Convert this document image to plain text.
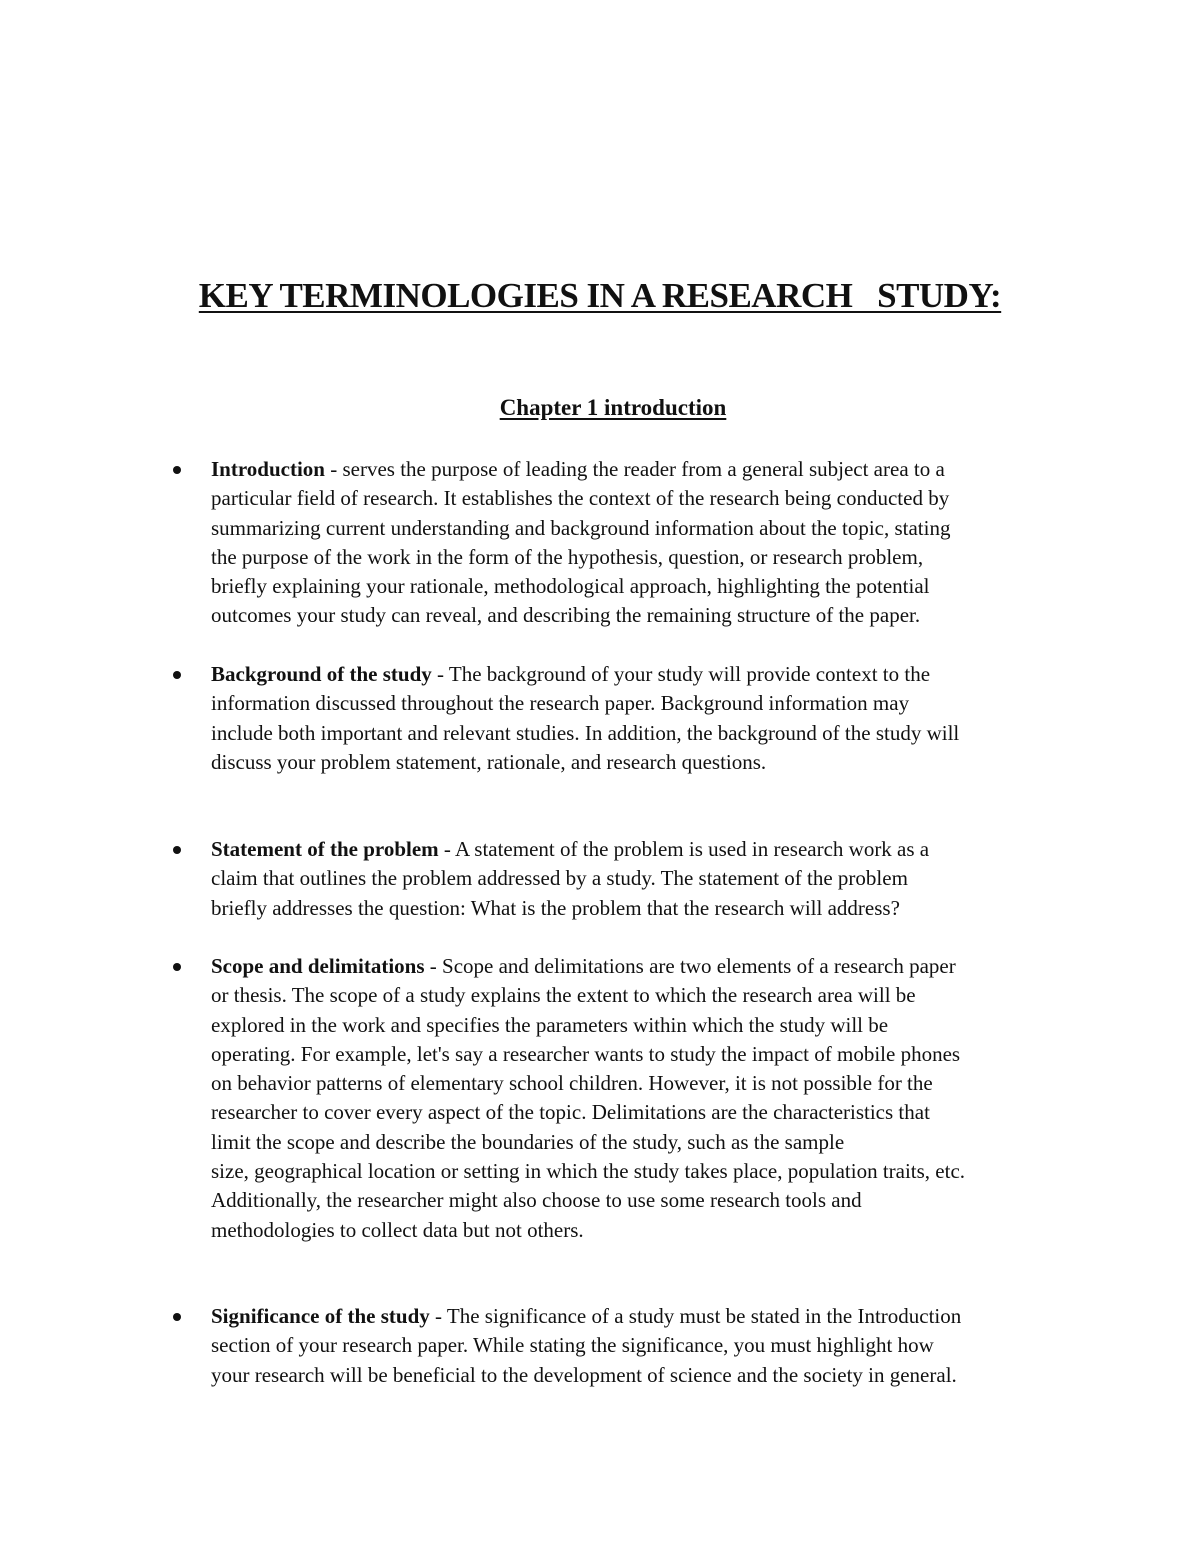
KEY TERMINOLOGIES IN A RESEARCH   STUDY:
Chapter 1 introduction
Introduction - serves the purpose of leading the reader from a general subject area to a
particular field of research. It establishes the context of the research being conducted by
summarizing current understanding and background information about the topic, stating
the purpose of the work in the form of the hypothesis, question, or research problem,
briefly explaining your rationale, methodological approach, highlighting the potential
outcomes your study can reveal, and describing the remaining structure of the paper.
Background of the study - The background of your study will provide context to the
information discussed throughout the research paper. Background information may
include both important and relevant studies. In addition, the background of the study will
discuss your problem statement, rationale, and research questions.
Statement of the problem - A statement of the problem is used in research work as a
claim that outlines the problem addressed by a study. The statement of the problem
briefly addresses the question: What is the problem that the research will address?
Scope and delimitations - Scope and delimitations are two elements of a research paper
or thesis. The scope of a study explains the extent to which the research area will be
explored in the work and specifies the parameters within which the study will be
operating. For example, let's say a researcher wants to study the impact of mobile phones
on behavior patterns of elementary school children. However, it is not possible for the
researcher to cover every aspect of the topic. Delimitations are the characteristics that
limit the scope and describe the boundaries of the study, such as the sample
size, geographical location or setting in which the study takes place, population traits, etc.
Additionally, the researcher might also choose to use some research tools and
methodologies to collect data but not others.
Significance of the study - The significance of a study must be stated in the Introduction
section of your research paper. While stating the significance, you must highlight how
your research will be beneficial to the development of science and the society in general.
